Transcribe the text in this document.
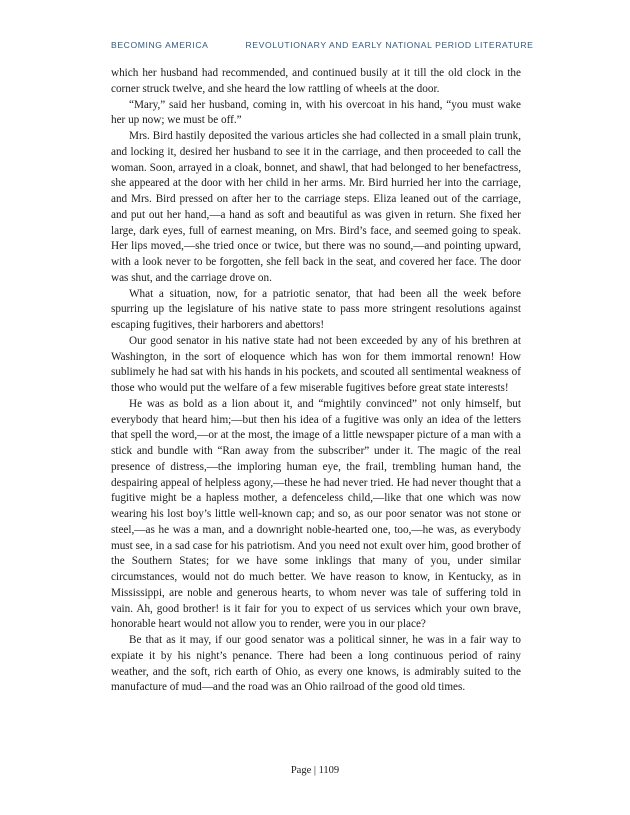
BECOMING AMERICA	REVOLUTIONARY AND EARLY NATIONAL PERIOD LITERATURE

which her husband had recommended, and continued busily at it till the old clock in the corner struck twelve, and she heard the low rattling of wheels at the door.

“Mary,” said her husband, coming in, with his overcoat in his hand, “you must wake her up now; we must be off.”

Mrs. Bird hastily deposited the various articles she had collected in a small plain trunk, and locking it, desired her husband to see it in the carriage, and then proceeded to call the woman. Soon, arrayed in a cloak, bonnet, and shawl, that had belonged to her benefactress, she appeared at the door with her child in her arms. Mr. Bird hurried her into the carriage, and Mrs. Bird pressed on after her to the carriage steps. Eliza leaned out of the carriage, and put out her hand,—a hand as soft and beautiful as was given in return. She fixed her large, dark eyes, full of earnest meaning, on Mrs. Bird’s face, and seemed going to speak. Her lips moved,—she tried once or twice, but there was no sound,—and pointing upward, with a look never to be forgotten, she fell back in the seat, and covered her face. The door was shut, and the carriage drove on.

What a situation, now, for a patriotic senator, that had been all the week before spurring up the legislature of his native state to pass more stringent resolutions against escaping fugitives, their harborers and abettors!

Our good senator in his native state had not been exceeded by any of his brethren at Washington, in the sort of eloquence which has won for them immortal renown! How sublimely he had sat with his hands in his pockets, and scouted all sentimental weakness of those who would put the welfare of a few miserable fugitives before great state interests!

He was as bold as a lion about it, and “mightily convinced” not only himself, but everybody that heard him;—but then his idea of a fugitive was only an idea of the letters that spell the word,—or at the most, the image of a little newspaper picture of a man with a stick and bundle with “Ran away from the subscriber” under it. The magic of the real presence of distress,—the imploring human eye, the frail, trembling human hand, the despairing appeal of helpless agony,—these he had never tried. He had never thought that a fugitive might be a hapless mother, a defenceless child,—like that one which was now wearing his lost boy’s little well-known cap; and so, as our poor senator was not stone or steel,—as he was a man, and a downright noble-hearted one, too,—he was, as everybody must see, in a sad case for his patriotism. And you need not exult over him, good brother of the Southern States; for we have some inklings that many of you, under similar circumstances, would not do much better. We have reason to know, in Kentucky, as in Mississippi, are noble and generous hearts, to whom never was tale of suffering told in vain. Ah, good brother! is it fair for you to expect of us services which your own brave, honorable heart would not allow you to render, were you in our place?

Be that as it may, if our good senator was a political sinner, he was in a fair way to expiate it by his night’s penance. There had been a long continuous period of rainy weather, and the soft, rich earth of Ohio, as every one knows, is admirably suited to the manufacture of mud—and the road was an Ohio railroad of the good old times.

Page | 1109
